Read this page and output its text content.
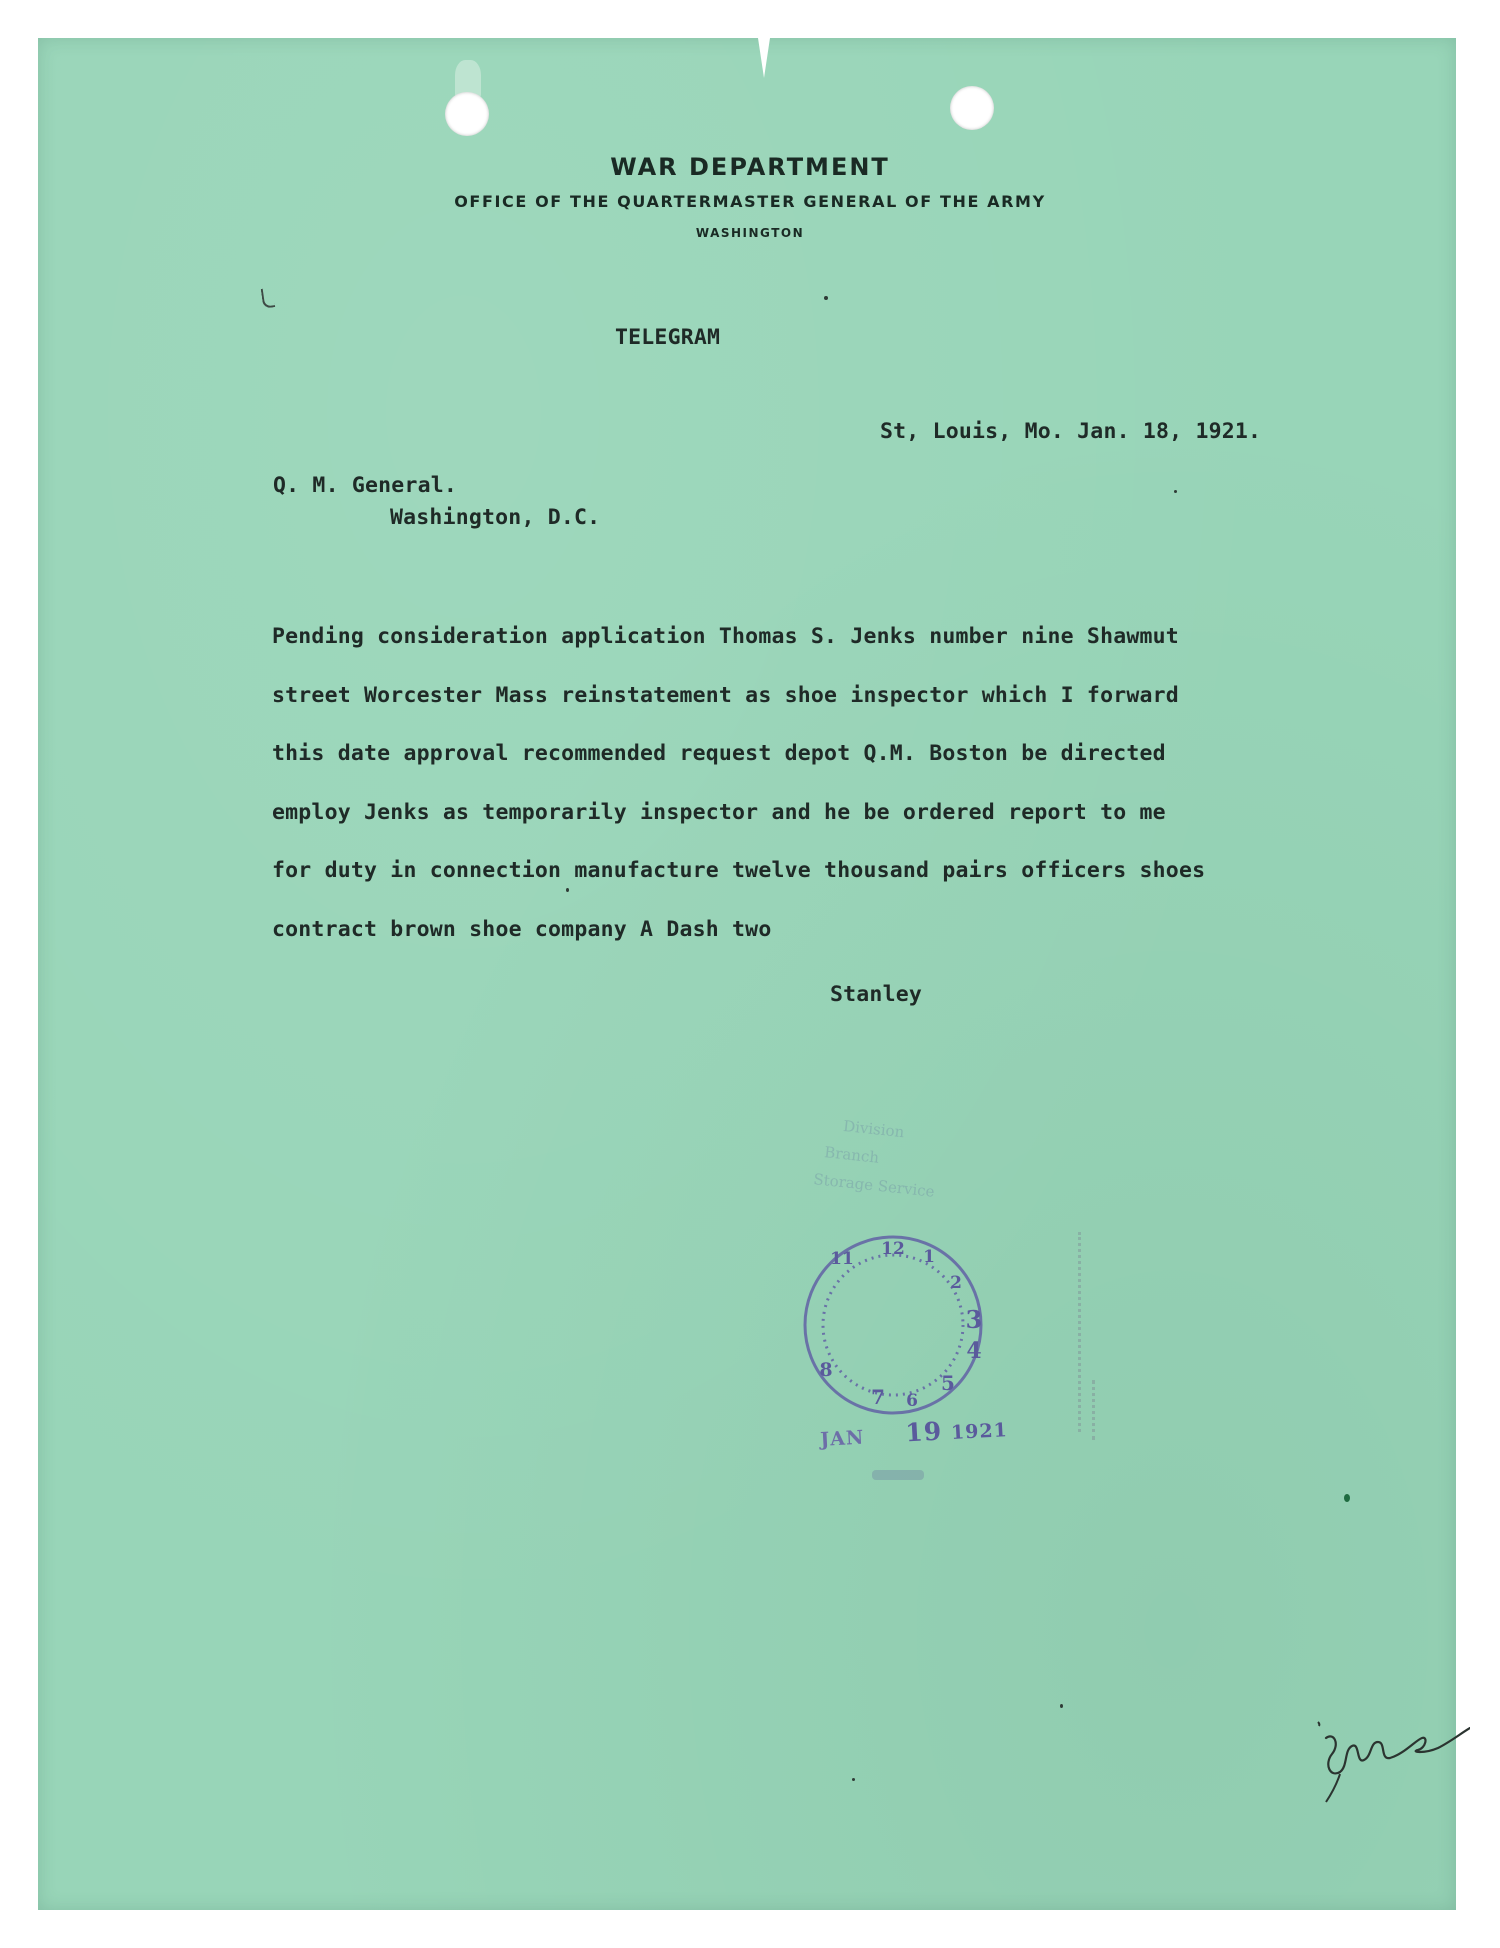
WAR DEPARTMENT
OFFICE OF THE QUARTERMASTER GENERAL OF THE ARMY
WASHINGTON
TELEGRAM
St, Louis, Mo. Jan. 18, 1921.
Q. M. General.
Washington, D.C.
Pending consideration application Thomas S. Jenks number nine Shawmut
street Worcester Mass reinstatement as shoe inspector which I forward
this date approval recommended request depot Q.M. Boston be directed
employ Jenks as temporarily inspector and he be ordered report to me
for duty in connection manufacture twelve thousand pairs officers shoes
contract brown shoe company A Dash two
Stanley
Division
Branch
Storage Service
12 1
2
3
4
5
6
7
8
11
JAN 19 1921
